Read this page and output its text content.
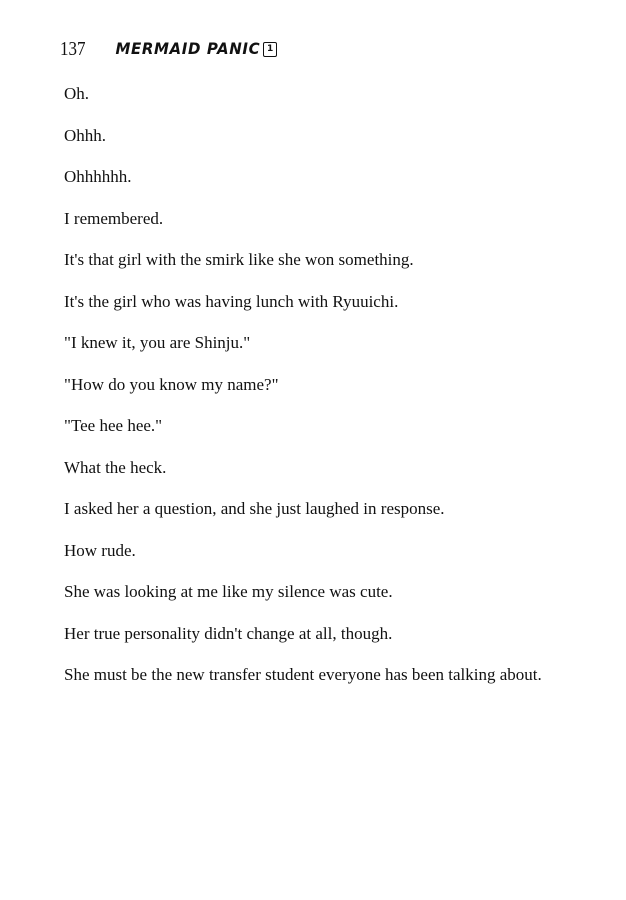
137 MERMAID PANIC 1

Oh.

Ohhh.

Ohhhhhh.

I remembered.

It's that girl with the smirk like she won something.

It's the girl who was having lunch with Ryuuichi.

"I knew it, you are Shinju."

"How do you know my name?"

"Tee hee hee."

What the heck.

I asked her a question, and she just laughed in response.

How rude.

She was looking at me like my silence was cute.

Her true personality didn't change at all, though.

She must be the new transfer student everyone has been talking about.
